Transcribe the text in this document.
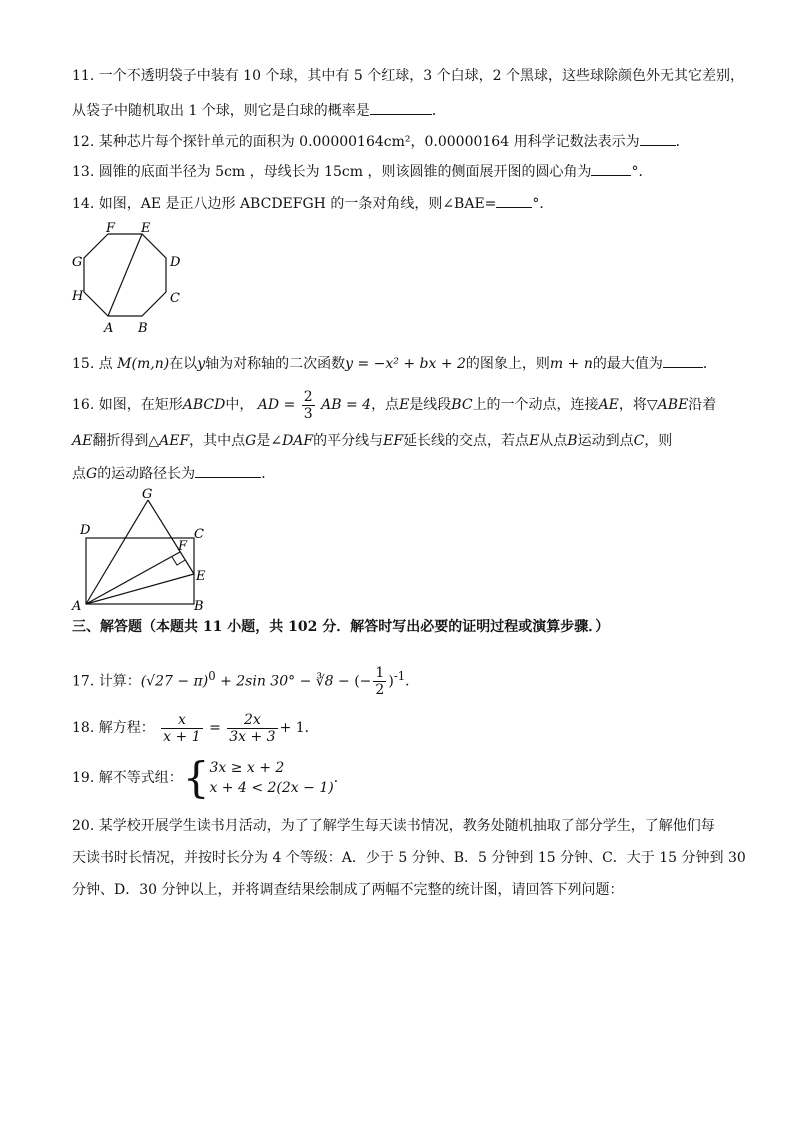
11. 一个不透明袋子中装有 10 个球，其中有 5 个红球，3 个白球，2 个黑球，这些球除颜色外无其它差别，
从袋子中随机取出 1 个球，则它是白球的概率是	．
12. 某种芯片每个探针单元的面积为 0.00000164cm²，0.00000164 用科学记数法表示为	．
13. 圆锥的底面半径为 5cm ，母线长为 15cm ，则该圆锥的侧面展开图的圆心角为	°．
14. 如图，AE 是正八边形 ABCDEFGH 的一条对角线，则∠BAE=	°．
A B
C
D
E
F
G
H
15. 点 M(m,n)在以y轴为对称轴的二次函数y = −x² + bx + 2的图象上，则m + n的最大值为	．
16. 如图，在矩形ABCD中， AD = $\frac{2}{3}$ AB = 4，点E是线段BC上的一个动点，连接AE，将▽ABE沿着
AE翻折得到△AEF，其中点G是∠DAF的平分线与EF延长线的交点，若点E从点B运动到点C，则
点G的运动路径长为	．
A	B
C
D
E
F
G
三、解答题（本题共 11 小题，共 102 分．解答时写出必要的证明过程或演算步骤．）
17. 计算：$(√27 - \pi)^0 + 2\sin$ 30° − ∛8 − (− $\frac{1}{2} )^{-1}$．
18. 解方程： $\frac{x}{x + 1} = \frac{2x}{3x + 3} + 1$．
19. 解不等式组：{ 3x ≥ x + 2
x + 4 < 2(2x − 1)
．
20. 某学校开展学生读书月活动，为了了解学生每天读书情况，教务处随机抽取了部分学生，了解他们每
天读书时长情况，并按时长分为 4 个等级：A．少于 5 分钟、B．5 分钟到 15 分钟、C．大于 15 分钟到 30
分钟、D．30 分钟以上，并将调查结果绘制成了两幅不完整的统计图，请回答下列问题：
